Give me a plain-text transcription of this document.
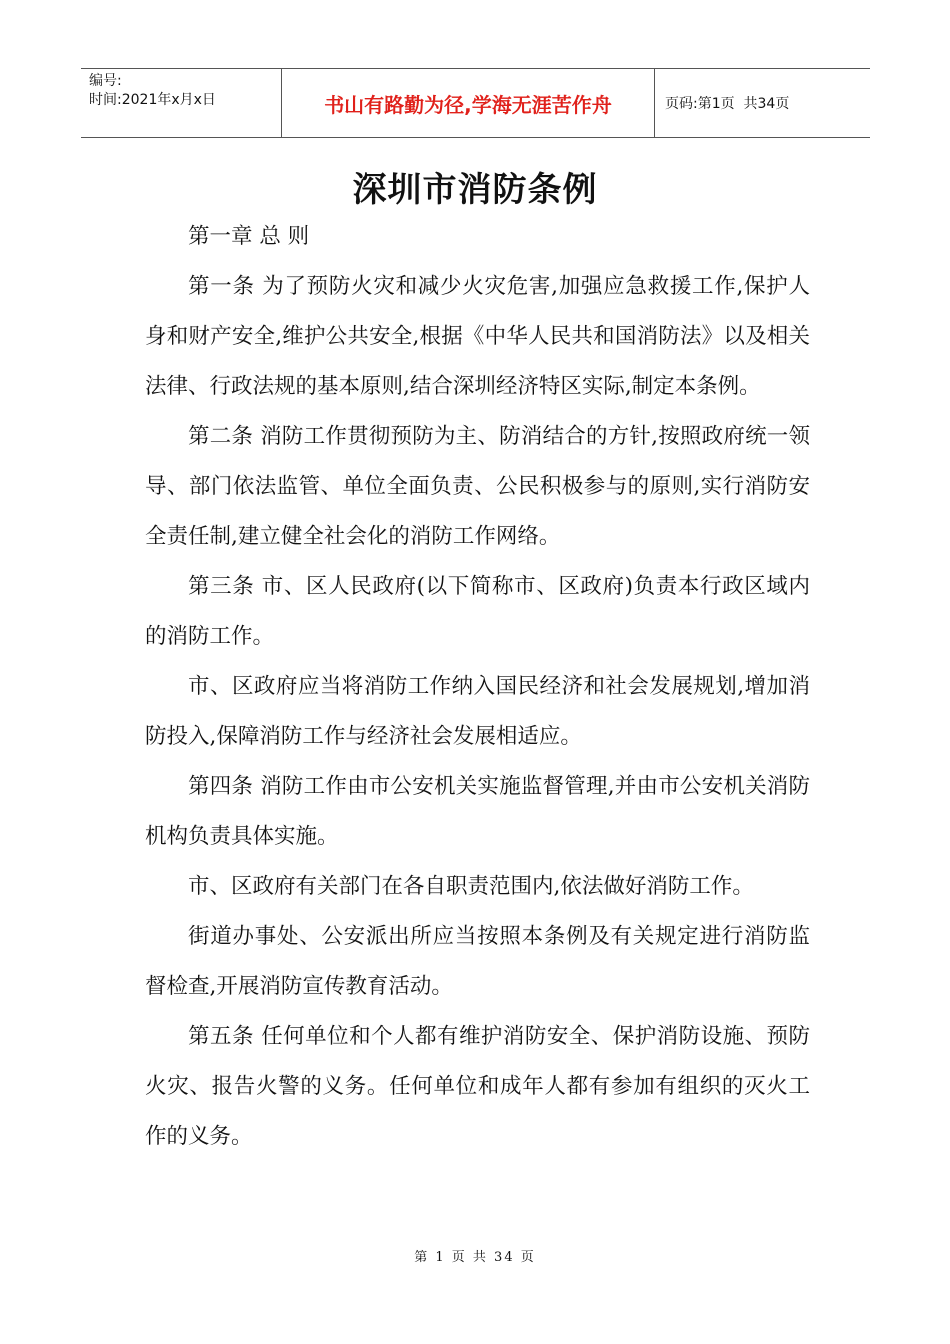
编号:
时间:2021年x月x日	书山有路勤为径,学海无涯苦作舟	页码:第1页  共34页
深圳市消防条例

第一章 总 则

第一条 为了预防火灾和减少火灾危害,加强应急救援工作,保护人身和财产安全,维护公共安全,根据《中华人民共和国消防法》以及相关法律、行政法规的基本原则,结合深圳经济特区实际,制定本条例。

第二条 消防工作贯彻预防为主、防消结合的方针,按照政府统一领导、部门依法监管、单位全面负责、公民积极参与的原则,实行消防安全责任制,建立健全社会化的消防工作网络。

第三条 市、区人民政府(以下简称市、区政府)负责本行政区域内的消防工作。

市、区政府应当将消防工作纳入国民经济和社会发展规划,增加消防投入,保障消防工作与经济社会发展相适应。

第四条 消防工作由市公安机关实施监督管理,并由市公安机关消防机构负责具体实施。

市、区政府有关部门在各自职责范围内,依法做好消防工作。

街道办事处、公安派出所应当按照本条例及有关规定进行消防监督检查,开展消防宣传教育活动。

第五条 任何单位和个人都有维护消防安全、保护消防设施、预防火灾、报告火警的义务。任何单位和成年人都有参加有组织的灭火工作的义务。

第 1 页 共 34 页
